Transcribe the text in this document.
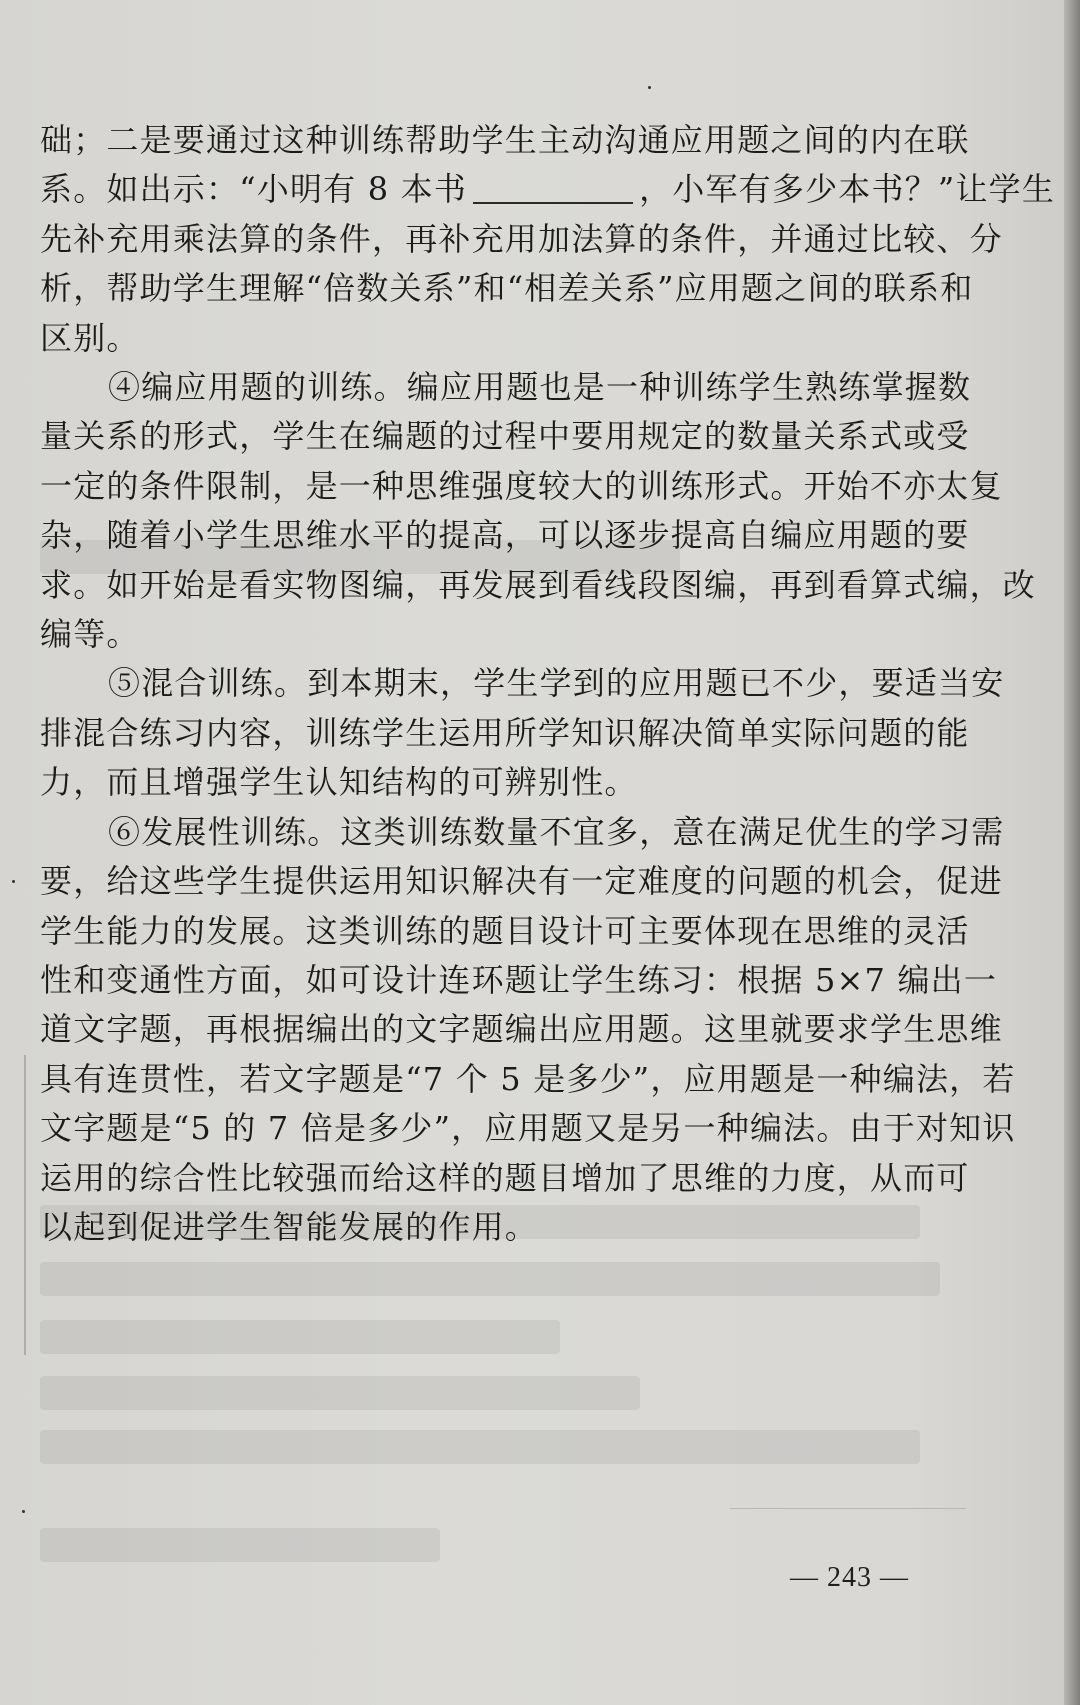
础；二是要通过这种训练帮助学生主动沟通应用题之间的内在联
系。如出示：“小明有 8 本书	，小军有多少本书？”让学生
先补充用乘法算的条件，再补充用加法算的条件，并通过比较、分
析，帮助学生理解“倍数关系”和“相差关系”应用题之间的联系和
区别。

④编应用题的训练。编应用题也是一种训练学生熟练掌握数
量关系的形式，学生在编题的过程中要用规定的数量关系式或受
一定的条件限制，是一种思维强度较大的训练形式。开始不亦太复
杂，随着小学生思维水平的提高，可以逐步提高自编应用题的要
求。如开始是看实物图编，再发展到看线段图编，再到看算式编，改
编等。

⑤混合训练。到本期末，学生学到的应用题已不少，要适当安
排混合练习内容，训练学生运用所学知识解决简单实际问题的能
力，而且增强学生认知结构的可辨别性。

⑥发展性训练。这类训练数量不宜多，意在满足优生的学习需
要，给这些学生提供运用知识解决有一定难度的问题的机会，促进
学生能力的发展。这类训练的题目设计可主要体现在思维的灵活
性和变通性方面，如可设计连环题让学生练习：根据 5×7 编出一
道文字题，再根据编出的文字题编出应用题。这里就要求学生思维
具有连贯性，若文字题是“7 个 5 是多少”，应用题是一种编法，若
文字题是“5 的 7 倍是多少”，应用题又是另一种编法。由于对知识
运用的综合性比较强而给这样的题目增加了思维的力度，从而可
以起到促进学生智能发展的作用。

— 243 —
